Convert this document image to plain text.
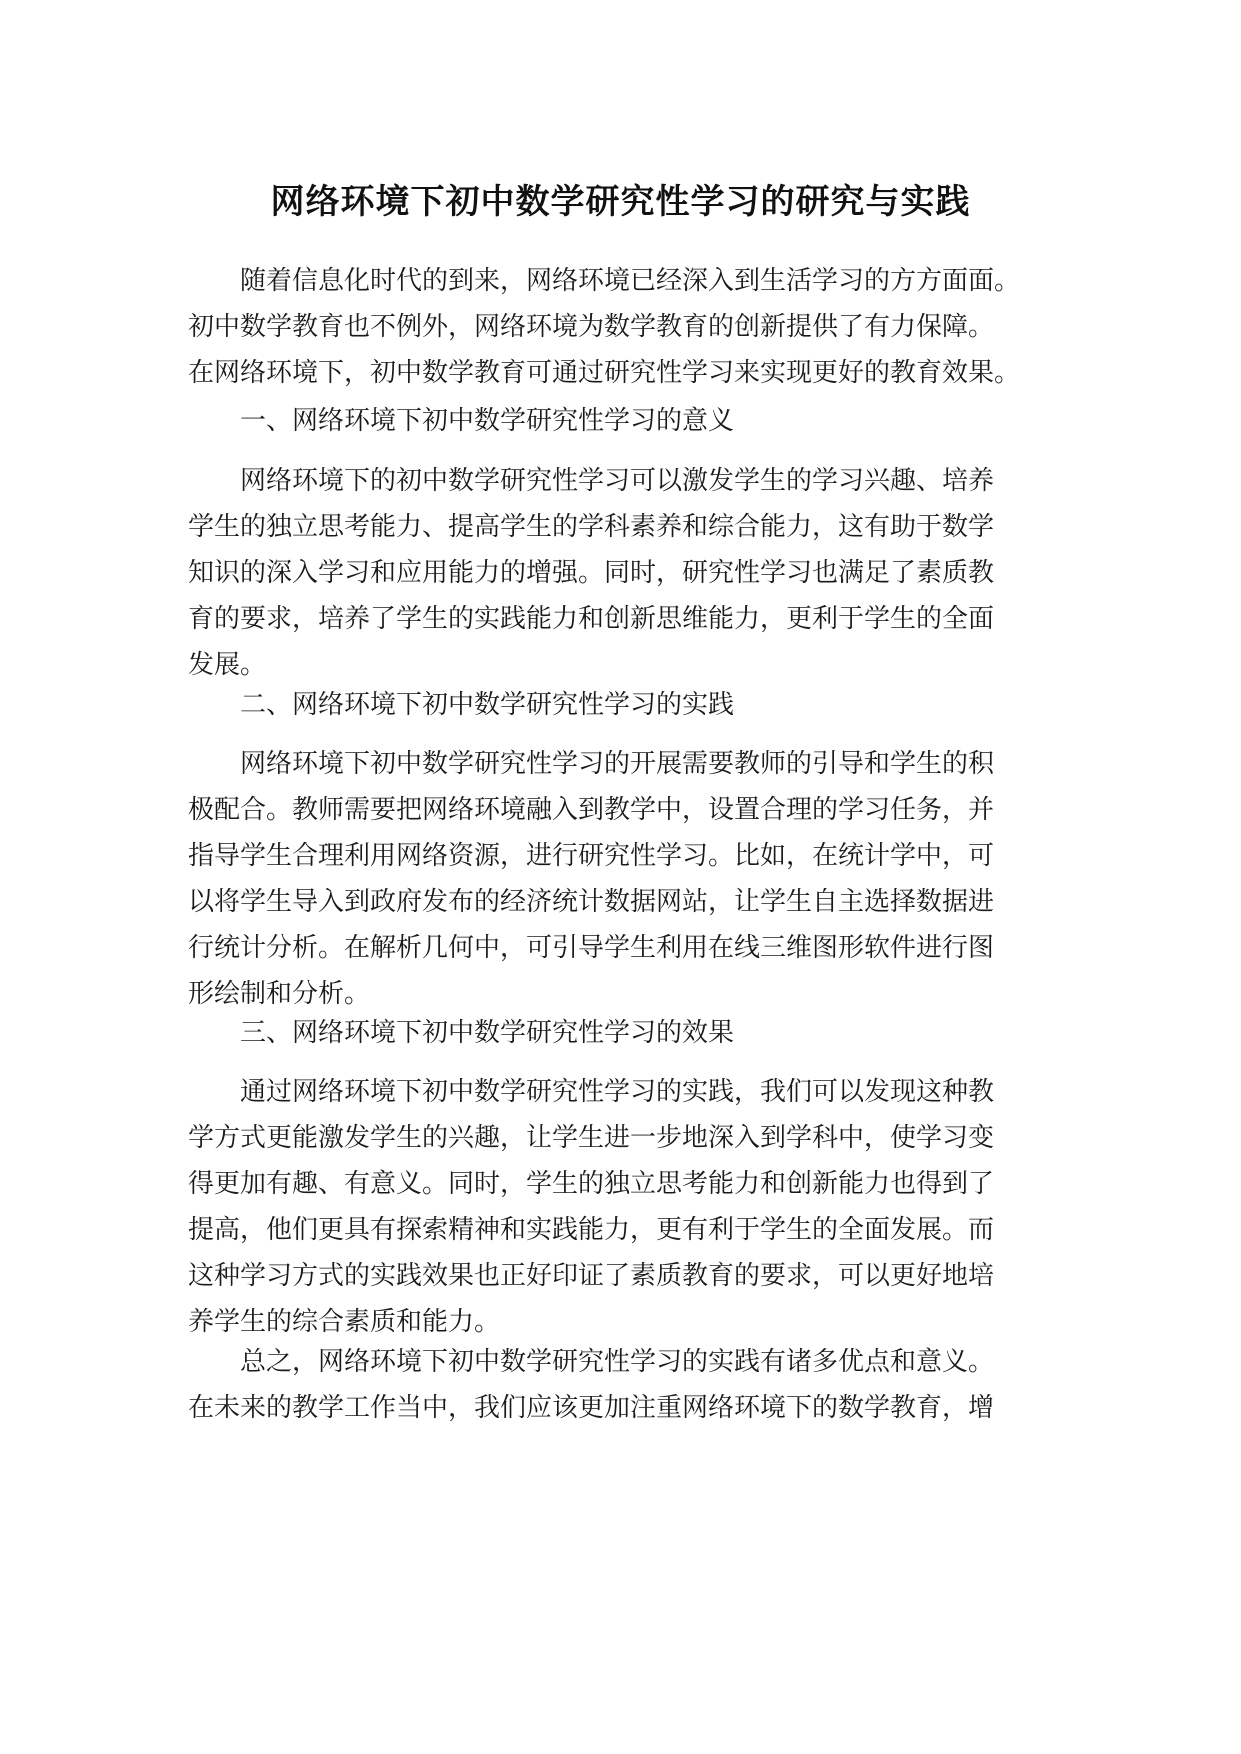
网络环境下初中数学研究性学习的研究与实践
　　随着信息化时代的到来，网络环境已经深入到生活学习的方方面面。
初中数学教育也不例外，网络环境为数学教育的创新提供了有力保障。
在网络环境下，初中数学教育可通过研究性学习来实现更好的教育效果。
　　一、网络环境下初中数学研究性学习的意义
　　网络环境下的初中数学研究性学习可以激发学生的学习兴趣、培养
学生的独立思考能力、提高学生的学科素养和综合能力，这有助于数学
知识的深入学习和应用能力的增强。同时，研究性学习也满足了素质教
育的要求，培养了学生的实践能力和创新思维能力，更利于学生的全面
发展。
　　二、网络环境下初中数学研究性学习的实践
　　网络环境下初中数学研究性学习的开展需要教师的引导和学生的积
极配合。教师需要把网络环境融入到教学中，设置合理的学习任务，并
指导学生合理利用网络资源，进行研究性学习。比如，在统计学中，可
以将学生导入到政府发布的经济统计数据网站，让学生自主选择数据进
行统计分析。在解析几何中，可引导学生利用在线三维图形软件进行图
形绘制和分析。
　　三、网络环境下初中数学研究性学习的效果
　　通过网络环境下初中数学研究性学习的实践，我们可以发现这种教
学方式更能激发学生的兴趣，让学生进一步地深入到学科中，使学习变
得更加有趣、有意义。同时，学生的独立思考能力和创新能力也得到了
提高，他们更具有探索精神和实践能力，更有利于学生的全面发展。而
这种学习方式的实践效果也正好印证了素质教育的要求，可以更好地培
养学生的综合素质和能力。
　　总之，网络环境下初中数学研究性学习的实践有诸多优点和意义。
在未来的教学工作当中，我们应该更加注重网络环境下的数学教育，增
